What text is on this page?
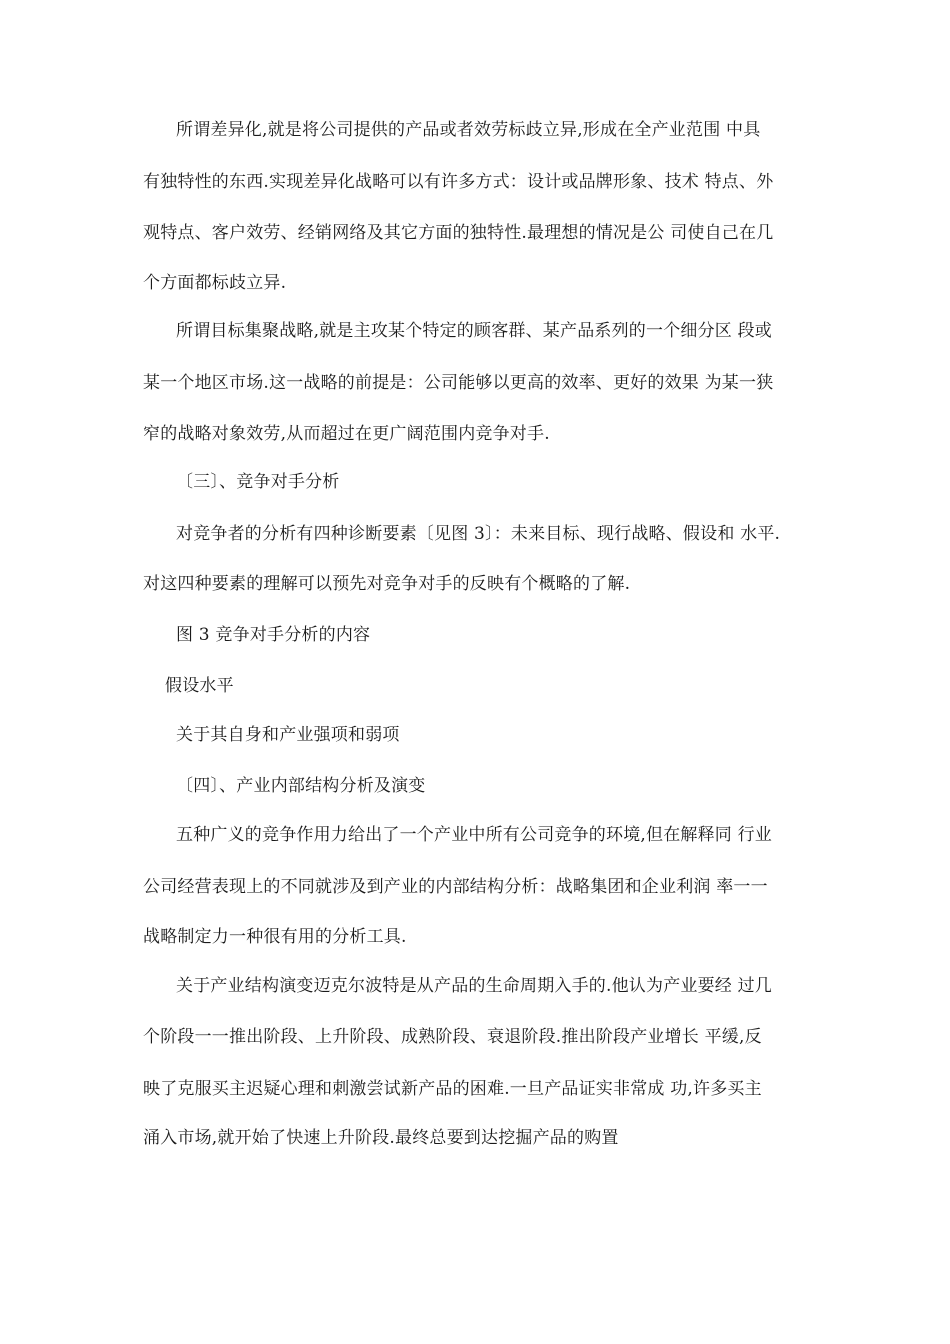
所谓差异化,就是将公司提供的产品或者效劳标歧立异,形成在全产业范围 中具
有独特性的东西.实现差异化战略可以有许多方式：设计或品牌形象、技术 特点、外
观特点、客户效劳、经销网络及其它方面的独特性.最理想的情况是公 司使自己在几
个方面都标歧立异.
所谓目标集聚战略,就是主攻某个特定的顾客群、某产品系列的一个细分区 段或
某一个地区市场.这一战略的前提是：公司能够以更高的效率、更好的效果 为某一狭
窄的战略对象效劳,从而超过在更广阔范围内竞争对手.
〔三〕、竞争对手分析
对竞争者的分析有四种诊断要素〔见图 3〕：未来目标、现行战略、假设和 水平.
对这四种要素的理解可以预先对竞争对手的反映有个概略的了解.
图 3 竞争对手分析的内容
假设水平
关于其自身和产业强项和弱项
〔四〕、产业内部结构分析及演变
五种广义的竞争作用力给出了一个产业中所有公司竞争的环境,但在解释同 行业
公司经营表现上的不同就涉及到产业的内部结构分析：战略集团和企业利润 率一一
战略制定力一种很有用的分析工具.
关于产业结构演变迈克尔波特是从产品的生命周期入手的.他认为产业要经 过几
个阶段一一推出阶段、上升阶段、成熟阶段、衰退阶段.推出阶段产业增长 平缓,反
映了克服买主迟疑心理和刺激尝试新产品的困难.一旦产品证实非常成 功,许多买主
涌入市场,就开始了快速上升阶段.最终总要到达挖掘产品的购置
